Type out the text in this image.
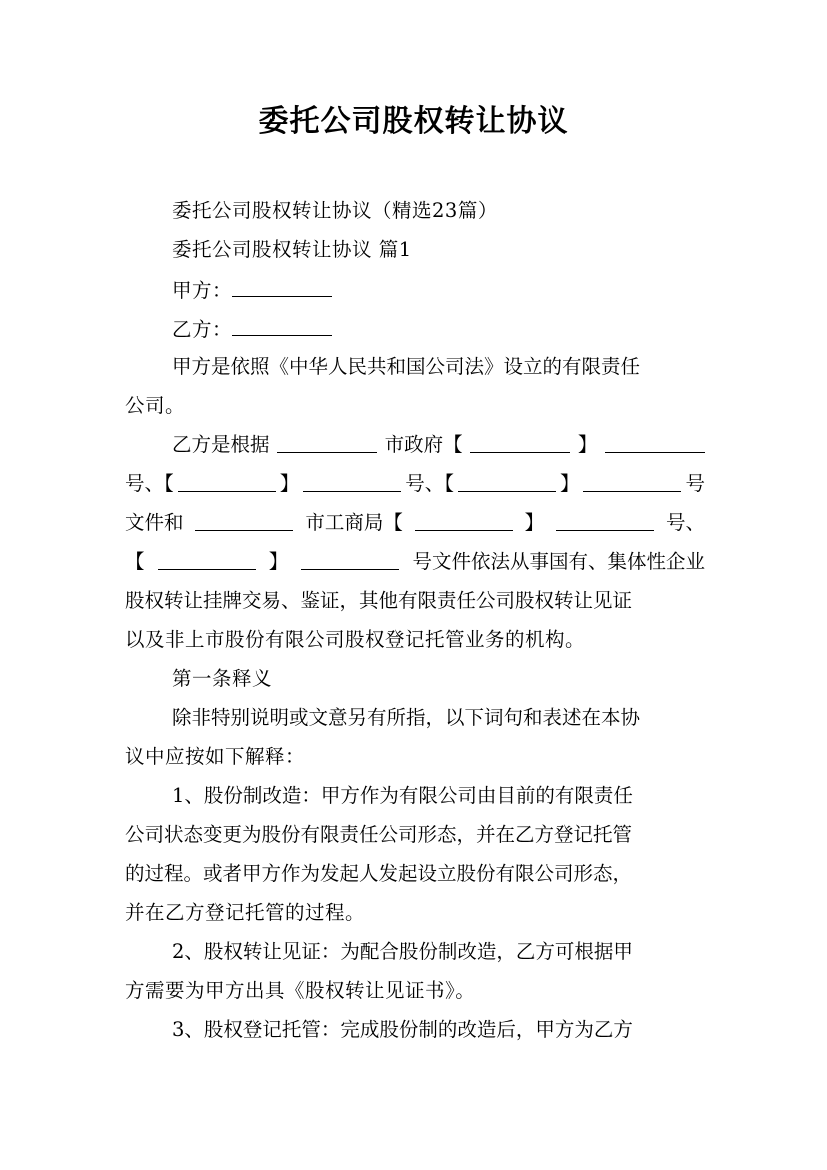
委托公司股权转让协议
委托公司股权转让协议（精选23篇）
委托公司股权转让协议 篇1
甲方：
乙方：
甲方是依照《中华人民共和国公司法》设立的有限责任
公司。
乙方是根据	市政府【	】
号、【	】	号、【	】	号
文件和	市工商局【	】	号、
【	】	号文件依法从事国有、集体性企业
股权转让挂牌交易、鉴证，其他有限责任公司股权转让见证
以及非上市股份有限公司股权登记托管业务的机构。
第一条释义
除非特别说明或文意另有所指，以下词句和表述在本协
议中应按如下解释：
1、股份制改造：甲方作为有限公司由目前的有限责任
公司状态变更为股份有限责任公司形态，并在乙方登记托管
的过程。或者甲方作为发起人发起设立股份有限公司形态，
并在乙方登记托管的过程。
2、股权转让见证：为配合股份制改造，乙方可根据甲
方需要为甲方出具《股权转让见证书》。
3、股权登记托管：完成股份制的改造后，甲方为乙方
